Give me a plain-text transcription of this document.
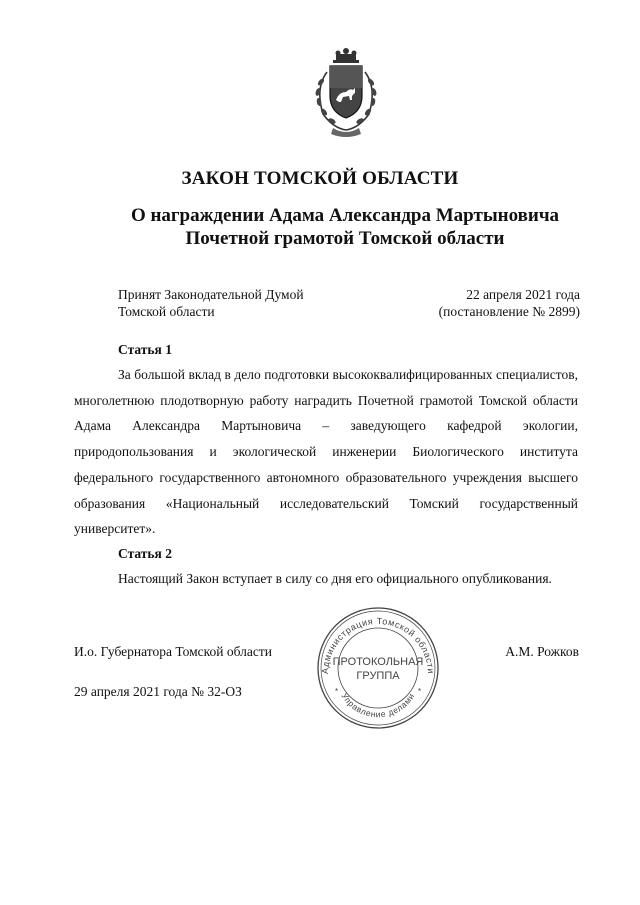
ЗАКОН ТОМСКОЙ ОБЛАСТИ
О награждении Адама Александра Мартыновича
Почетной грамотой Томской области
Принят Законодательной Думой
Томской области
22 апреля 2021 года
(постановление № 2899)
Статья 1
За большой вклад в дело подготовки высококвалифицированных специалистов, многолетнюю плодотворную работу наградить Почетной грамотой Томской области Адама Александра Мартыновича – заведующего кафедрой экологии, природопользования и экологической инженерии Биологического института федерального государственного автономного образовательного учреждения высшего образования «Национальный исследовательский Томский государственный университет».
Статья 2
Настоящий Закон вступает в силу со дня его официального опубликования.
И.о. Губернатора Томской области	А.М. Рожков
29 апреля 2021 года № 32-ОЗ
Администрация Томской области
Управление делами
ПРОТОКОЛЬНАЯ
ГРУППА
*	*
